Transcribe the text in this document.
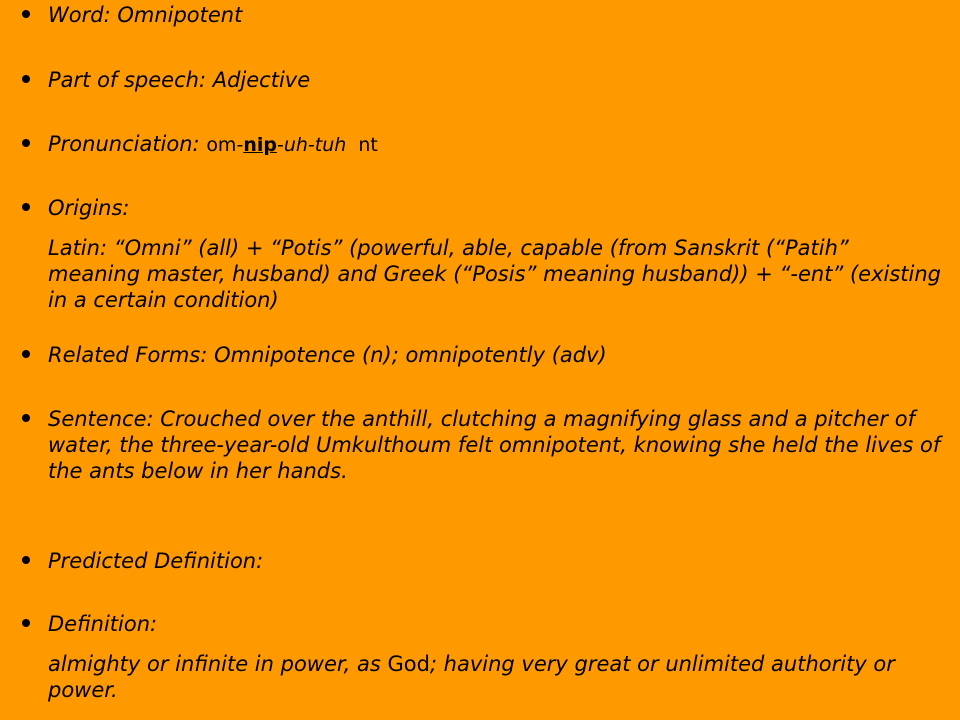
Word: Omnipotent
Part of speech: Adjective
Pronunciation: om-nip-uh-tuh nt
Origins:
Latin: “Omni” (all) + “Potis” (powerful, able, capable (from Sanskrit (“Patih” meaning master, husband) and Greek (“Posis” meaning husband)) + “-ent” (existing in a certain condition)
Related Forms: Omnipotence (n); omnipotently (adv)
Sentence: Crouched over the anthill, clutching a magnifying glass and a pitcher of water, the three-year-old Umkulthoum felt omnipotent, knowing she held the lives of the ants below in her hands.
Predicted Definition:
Definition:
almighty or infinite in power, as God; having very great or unlimited authority or power.
